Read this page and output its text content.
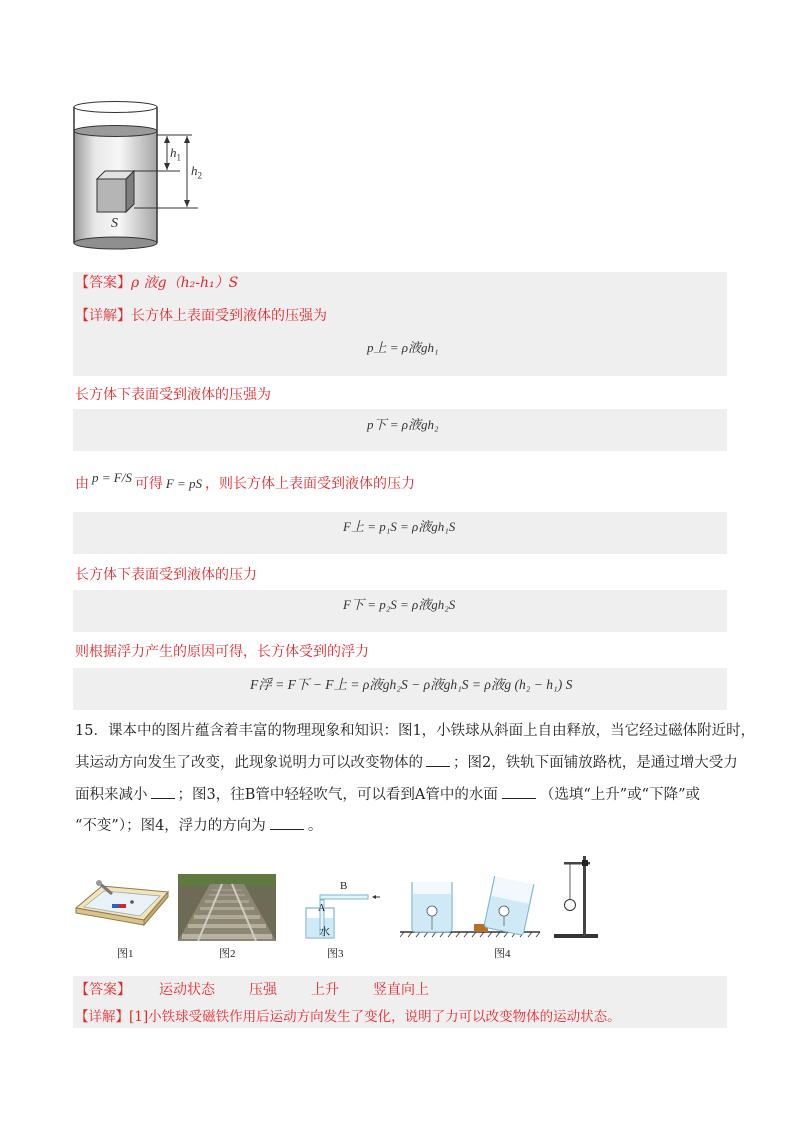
$h_1$
$h_2$
S
【答案】ρ 液g（h₂-h₁）S
【详解】长方体上表面受到液体的压强为
p上 = ρ液gh₁
长方体下表面受到液体的压强为
p下 = ρ液gh₂
由 p = F/S 可得 F = pS ，则长方体上表面受到液体的压力
F上 = p₁S = ρ液gh₁S
长方体下表面受到液体的压力
F下 = p₂S = ρ液gh₂S
则根据浮力产生的原因可得，长方体受到的浮力
F浮 = F下 − F上 = ρ液gh₂S − ρ液gh₁S = ρ液g (h₂ − h₁) S
15．课本中的图片蕴含着丰富的物理现象和知识：图1，小铁球从斜面上自由释放，当它经过磁体附近时，
其运动方向发生了改变，此现象说明力可以改变物体的 ；图2，铁轨下面铺放路枕，是通过增大受力
面积来减小 ；图3，往B管中轻轻吹气，可以看到A管中的水面	（选填“上升”或“下降”或
“不变”）；图4，浮力的方向为	。
B
A
水
图1	图2	图3	图4
【答案】 运动状态 压强 上升 竖直向上
【详解】[1]小铁球受磁铁作用后运动方向发生了变化，说明了力可以改变物体的运动状态。
